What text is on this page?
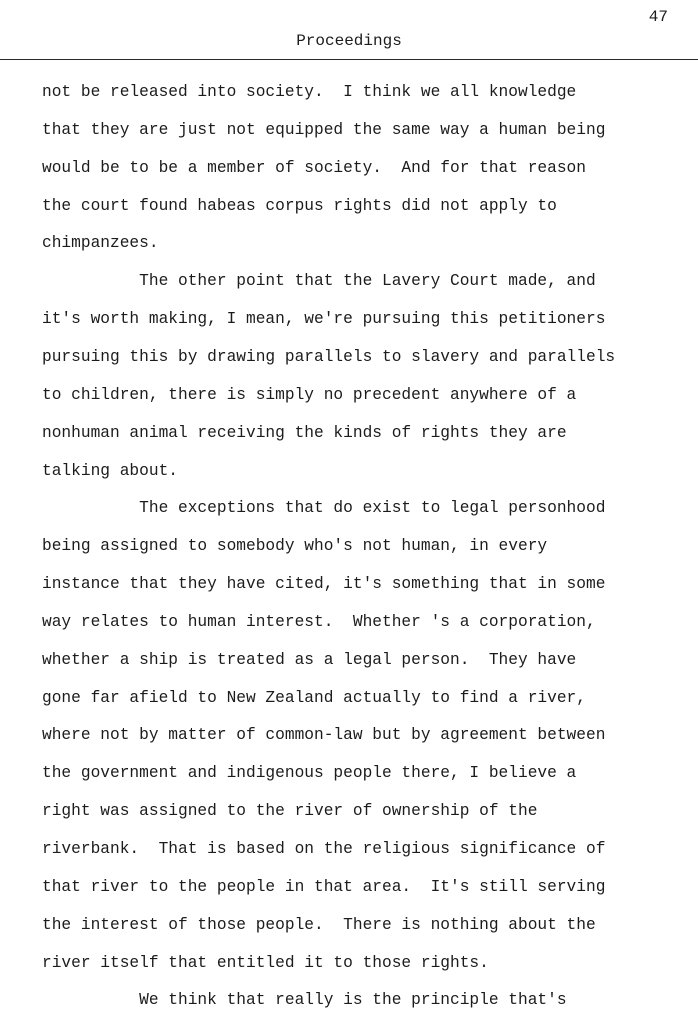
47
Proceedings
not be released into society.  I think we all knowledge
that they are just not equipped the same way a human being
would be to be a member of society.  And for that reason
the court found habeas corpus rights did not apply to
chimpanzees.
The other point that the Lavery Court made, and
it's worth making, I mean, we're pursuing this petitioners
pursuing this by drawing parallels to slavery and parallels
to children, there is simply no precedent anywhere of a
nonhuman animal receiving the kinds of rights they are
talking about.
The exceptions that do exist to legal personhood
being assigned to somebody who's not human, in every
instance that they have cited, it's something that in some
way relates to human interest.  Whether 's a corporation,
whether a ship is treated as a legal person.  They have
gone far afield to New Zealand actually to find a river,
where not by matter of common-law but by agreement between
the government and indigenous people there, I believe a
right was assigned to the river of ownership of the
riverbank.  That is based on the religious significance of
that river to the people in that area.  It's still serving
the interest of those people.  There is nothing about the
river itself that entitled it to those rights.
We think that really is the principle that's
